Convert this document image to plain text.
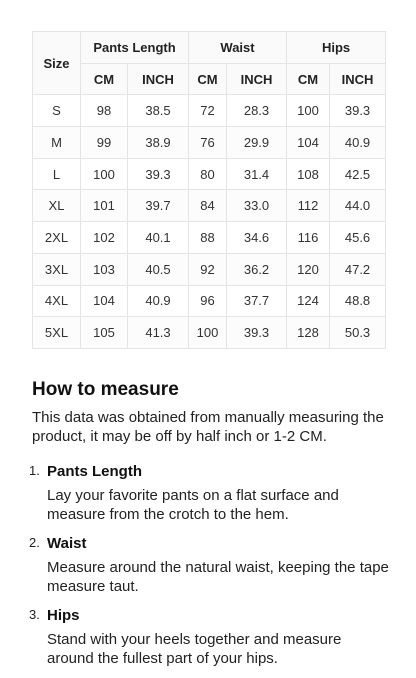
Size	Pants Length		Waist		Hips	
	CM	INCH	CM	INCH	CM	INCH
S	98	38.5	72	28.3	100	39.3
M	99	38.9	76	29.9	104	40.9
L	100	39.3	80	31.4	108	42.5
XL	101	39.7	84	33.0	112	44.0
2XL	102	40.1	88	34.6	116	45.6
3XL	103	40.5	92	36.2	120	47.2
4XL	104	40.9	96	37.7	124	48.8
5XL	105	41.3	100	39.3	128	50.3
How to measure

This data was obtained from manually measuring the product, it may be off by half inch or 1-2 CM.

1. Pants Length
Lay your favorite pants on a flat surface and measure from the crotch to the hem.
2. Waist
Measure around the natural waist, keeping the tape measure taut.
3. Hips
Stand with your heels together and measure around the fullest part of your hips.
